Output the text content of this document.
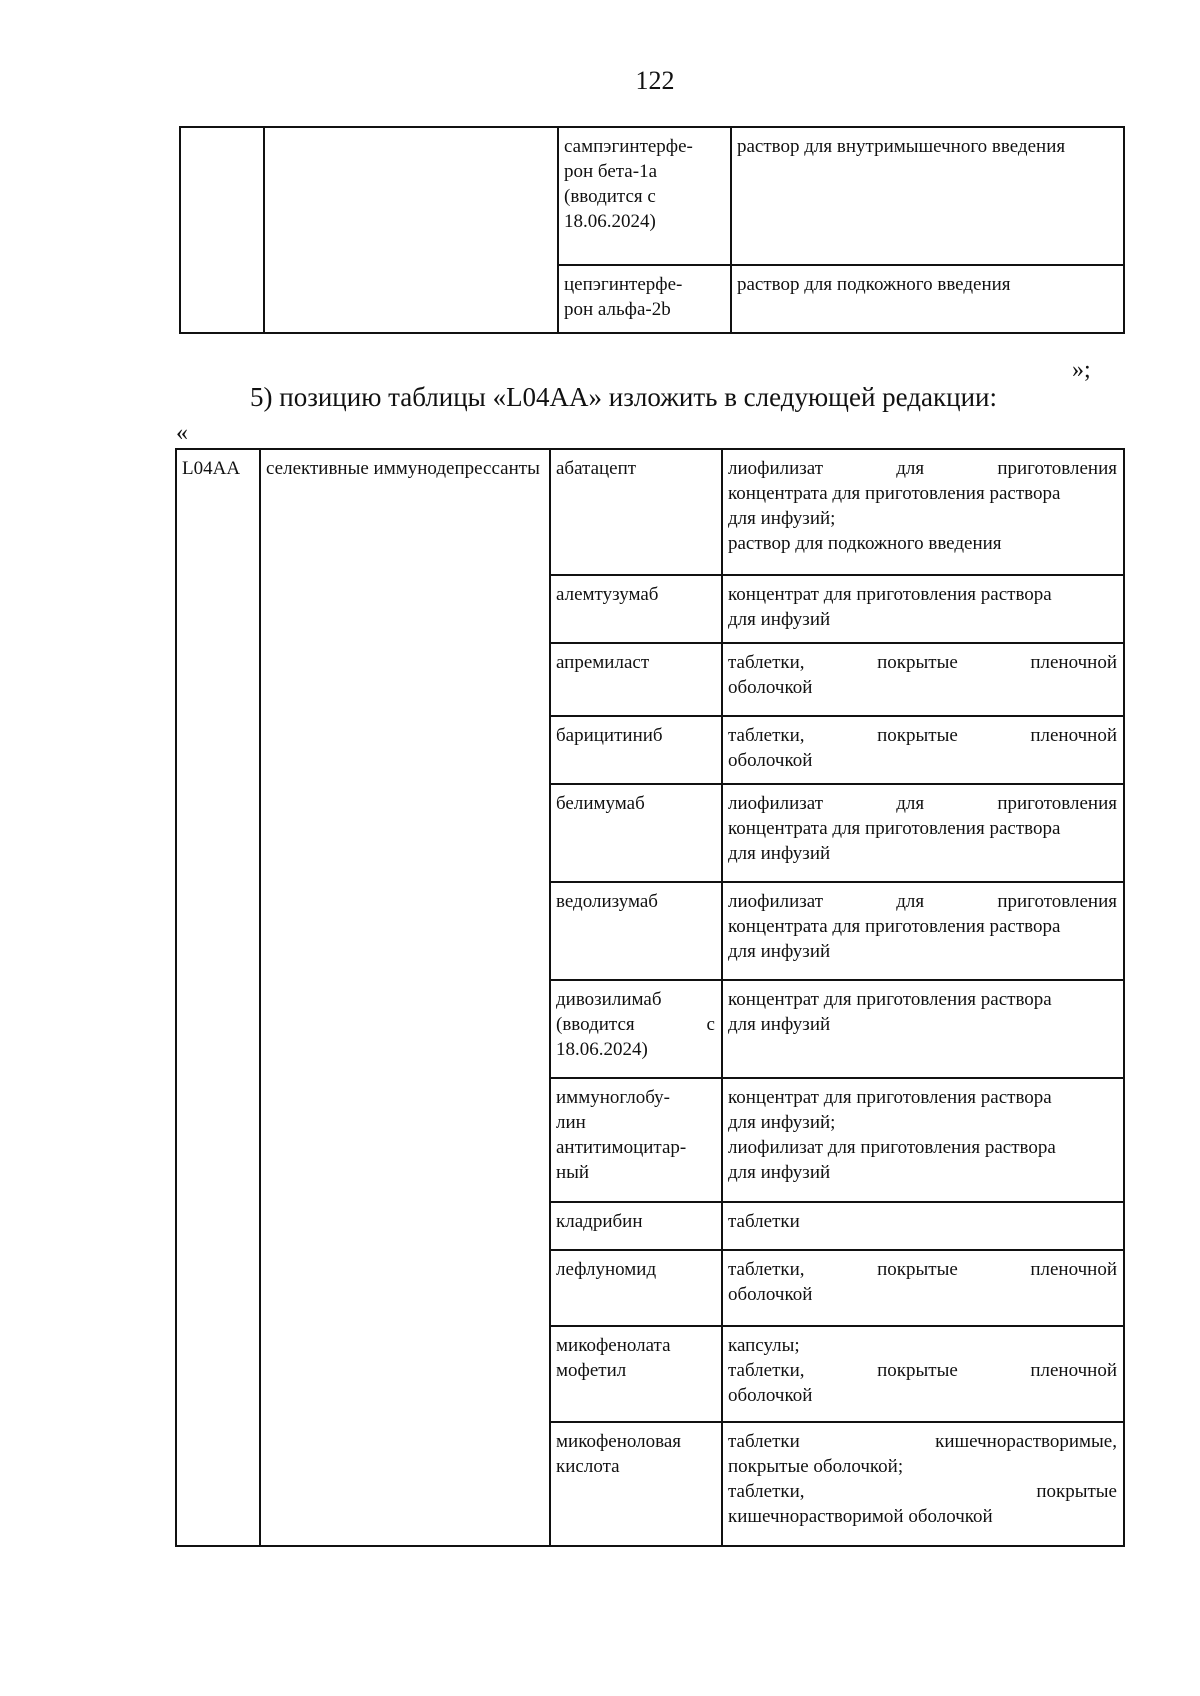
122

		сампэгинтерфе-
рон бета-1а
(вводится с
18.06.2024)	раствор для внутримышечного введения

		цепэгинтерфе-
рон альфа-2b	раствор для подкожного введения
»;
5) позицию таблицы «L04AA» изложить в следующей редакции:
«
L04AA	селективные иммунодепрессанты	абатацепт	лиофилизат для приготовления
концентрата для приготовления раствора
для инфузий;
раствор для подкожного введения

		алемтузумаб	концентрат для приготовления раствора
для инфузий

		апремиласт	таблетки, покрытые пленочной
оболочкой

		барицитиниб	таблетки, покрытые пленочной
оболочкой

		белимумаб	лиофилизат для приготовления
концентрата для приготовления раствора
для инфузий

		ведолизумаб	лиофилизат для приготовления
концентрата для приготовления раствора
для инфузий

		дивозилимаб
(вводится с
18.06.2024)	концентрат для приготовления раствора
для инфузий

		иммуноглобу-
лин
антитимоцитар-
ный	концентрат для приготовления раствора
для инфузий;
лиофилизат для приготовления раствора
для инфузий

		кладрибин	таблетки

		лефлуномид	таблетки, покрытые пленочной
оболочкой

		микофенолата
мофетил	капсулы;
таблетки, покрытые пленочной
оболочкой

		микофеноловая
кислота	таблетки кишечнорастворимые,
покрытые оболочкой;
таблетки, покрытые
кишечнорастворимой оболочкой
